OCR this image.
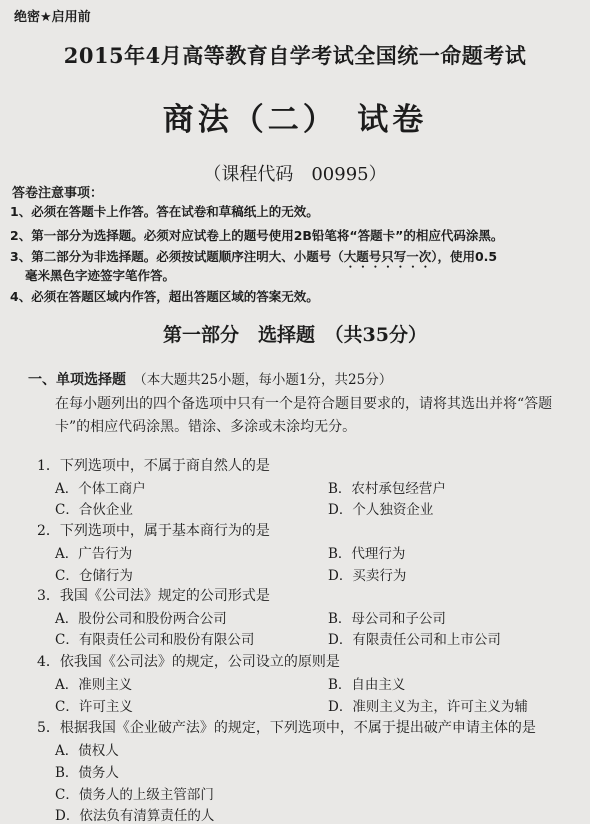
绝密★启用前
2015年4月高等教育自学考试全国统一命题考试
商法（二）　试卷
（课程代码　00995）
答卷注意事项：
1、必须在答题卡上作答。答在试卷和草稿纸上的无效。
2、第一部分为选择题。必须对应试卷上的题号使用2B铅笔将“答题卡”的相应代码涂黑。
3、第二部分为非选择题。必须按试题顺序注明大、小题号（大题号只写一次），使用0.5
毫米黑色字迹签字笔作答。
4、必须在答题区域内作答，超出答题区域的答案无效。
第一部分　选择题　（共35分）
一、单项选择题　 （本大题共25小题，每小题1分，共25分）
在每小题列出的四个备选项中只有一个是符合题目要求的，请将其选出并将“答题
卡”的相应代码涂黑。错涂、多涂或未涂均无分。
1．下列选项中，不属于商自然人的是
A．个体工商户	B．农村承包经营户
C．合伙企业	D．个人独资企业
2．下列选项中，属于基本商行为的是
A．广告行为	B．代理行为
C．仓储行为	D．买卖行为
3．我国《公司法》规定的公司形式是
A．股份公司和股份两合公司	B．母公司和子公司
C．有限责任公司和股份有限公司	D．有限责任公司和上市公司
4．依我国《公司法》的规定，公司设立的原则是
A．准则主义	B．自由主义
C．许可主义	D．准则主义为主，许可主义为辅
5．根据我国《企业破产法》的规定，下列选项中，不属于提出破产申请主体的是
A．债权人
B．债务人
C．债务人的上级主管部门
D．依法负有清算责任的人
